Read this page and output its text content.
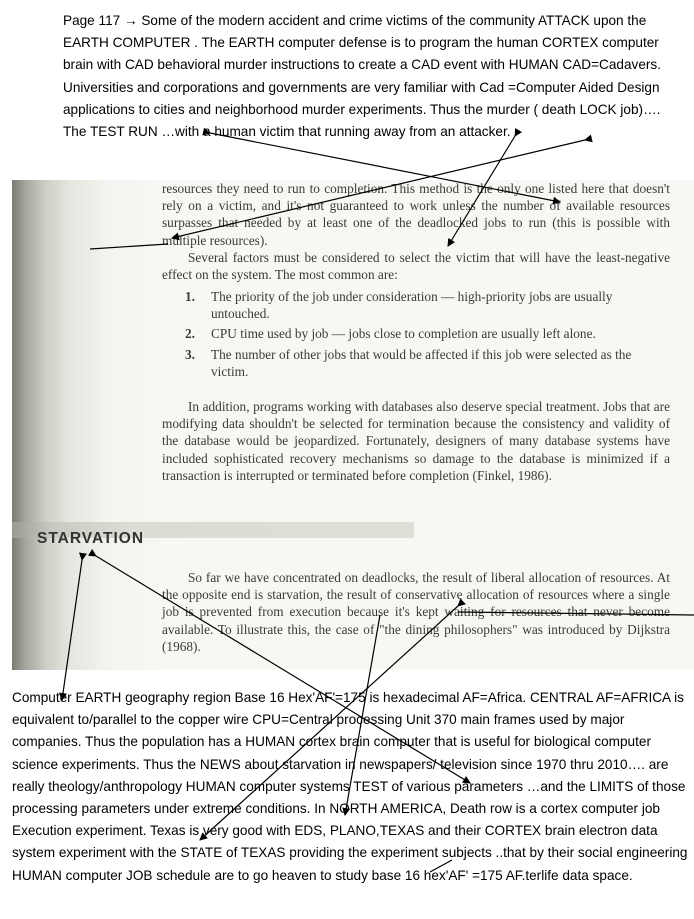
Page 117 → Some of the modern accident and crime victims of the community ATTACK upon the EARTH COMPUTER . The EARTH computer defense is to program the human CORTEX computer brain with CAD behavioral murder instructions to create a CAD event with HUMAN CAD=Cadavers. Universities and corporations and governments are very familiar with Cad =Computer Aided Design applications to cities and neighborhood murder experiments. Thus the murder ( death LOCK job)…. The TEST RUN …with a human victim that running away from an attacker.

resources they need to run to completion. This method is the only one listed here that doesn't rely on a victim, and it's not guaranteed to work unless the number of available resources surpasses that needed by at least one of the deadlocked jobs to run (this is possible with multiple resources).

Several factors must be considered to select the victim that will have the least-negative effect on the system. The most common are:

1.	The priority of the job under consideration — high-priority jobs are usually untouched.
2.	CPU time used by job — jobs close to completion are usually left alone.
3.	The number of other jobs that would be affected if this job were selected as the victim.
In addition, programs working with databases also deserve special treatment. Jobs that are modifying data shouldn't be selected for termination because the consistency and validity of the database would be jeopardized. Fortunately, designers of many database systems have included sophisticated recovery mechanisms so damage to the database is minimized if a transaction is interrupted or terminated before completion (Finkel, 1986).
STARVATION
So far we have concentrated on deadlocks, the result of liberal allocation of resources. At the opposite end is starvation, the result of conservative allocation of resources where a single job is prevented from execution because it's kept waiting for resources that never become available. To illustrate this, the case of "the dining philosophers" was introduced by Dijkstra (1968).
Computer EARTH geography region Base 16 Hex'AF'=175 is hexadecimal AF=Africa. CENTRAL AF=AFRICA is equivalent to/parallel to the copper wire CPU=Central processing Unit 370 main frames used by major companies. Thus the population has a HUMAN cortex brain computer that is useful for biological computer science experiments. Thus the NEWS about starvation in newspapers/ television since 1970 thru 2010…. are really theology/anthropology HUMAN computer systems TEST of various parameters …and the LIMITS of those processing parameters under extreme conditions. In NORTH AMERICA, Death row is a cortex computer job Execution experiment. Texas is very good with EDS, PLANO,TEXAS and their CORTEX brain electron data system experiment with the STATE of TEXAS providing the experiment subjects ..that by their social engineering HUMAN computer JOB schedule are to go heaven to study base 16 hex'AF' =175 AF.terlife data space.
